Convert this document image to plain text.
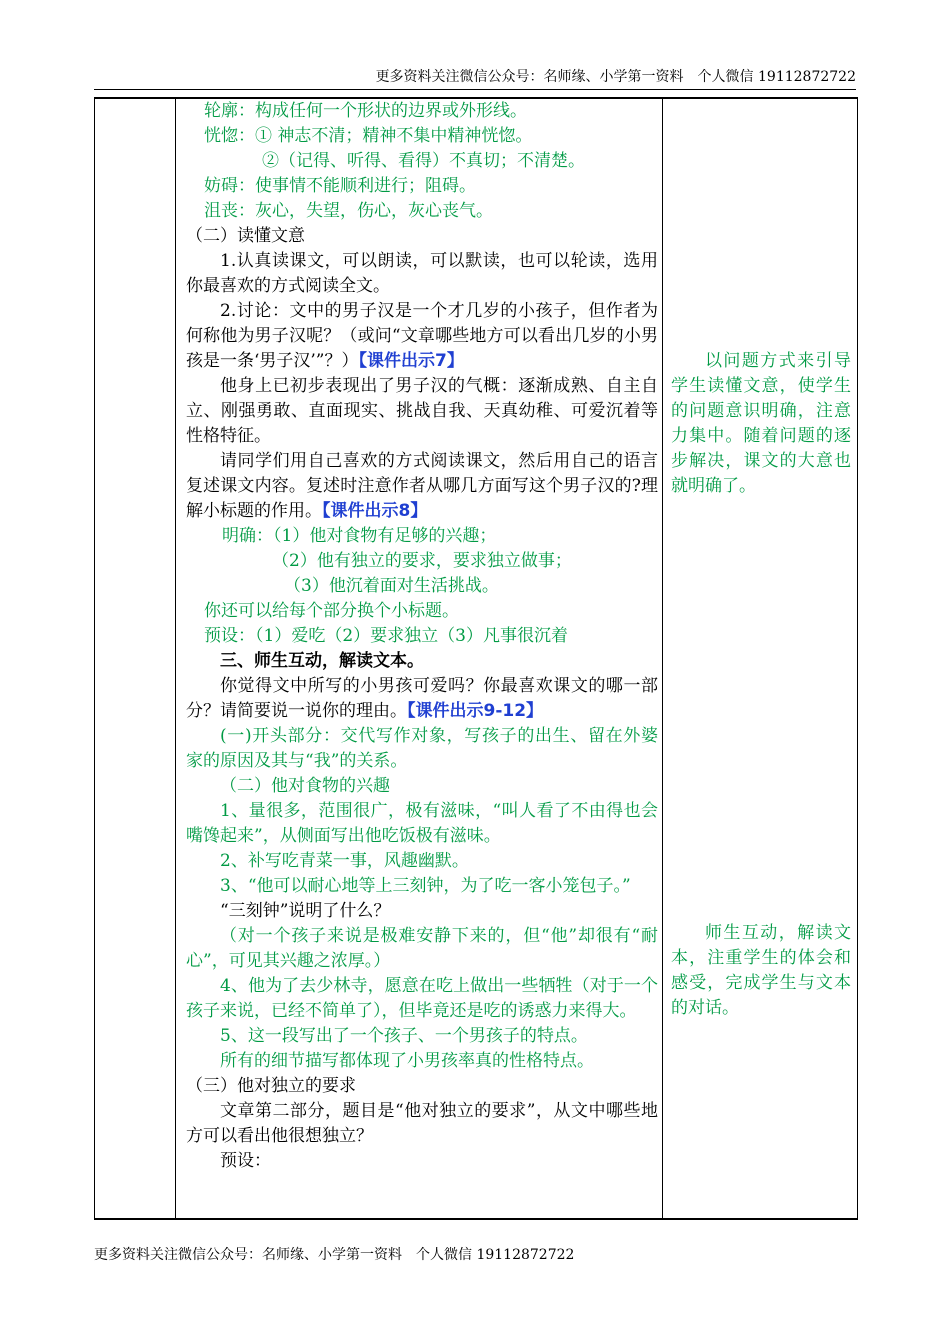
更多资料关注微信公众号：名师缘、小学第一资料　个人微信 19112872722

轮廓：构成任何一个形状的边界或外形线。

恍惚：① 神志不清；精神不集中精神恍惚。

②（记得、听得、看得）不真切；不清楚。

妨碍：使事情不能顺利进行；阻碍。

沮丧：灰心，失望，伤心，灰心丧气。

（二）读懂文意

1.认真读课文，可以朗读，可以默读，也可以轮读，选用你最喜欢的方式阅读全文。

2.讨论：文中的男子汉是一个才几岁的小孩子，但作者为何称他为男子汉呢？（或问“文章哪些地方可以看出几岁的小男孩是一条‘男子汉’”？）【课件出示7】

他身上已初步表现出了男子汉的气概：逐渐成熟、自主自立、刚强勇敢、直面现实、挑战自我、天真幼稚、可爱沉着等性格特征。

请同学们用自己喜欢的方式阅读课文，然后用自己的语言复述课文内容。复述时注意作者从哪几方面写这个男子汉的?理解小标题的作用。【课件出示8】

明确：（1）他对食物有足够的兴趣；

（2）他有独立的要求，要求独立做事；

（3）他沉着面对生活挑战。

你还可以给每个部分换个小标题。

预设：（1）爱吃（2）要求独立（3）凡事很沉着

三、师生互动，解读文本。

你觉得文中所写的小男孩可爱吗？你最喜欢课文的哪一部分？请简要说一说你的理由。【课件出示9-12】

(一)开头部分：交代写作对象，写孩子的出生、留在外婆家的原因及其与“我”的关系。

（二）他对食物的兴趣

1、量很多，范围很广，极有滋味，“叫人看了不由得也会嘴馋起来”，从侧面写出他吃饭极有滋味。

2、补写吃青菜一事，风趣幽默。

3、“他可以耐心地等上三刻钟，为了吃一客小笼包子。”

“三刻钟”说明了什么？

（对一个孩子来说是极难安静下来的，但“他”却很有“耐心”，可见其兴趣之浓厚。）

4、他为了去少林寺，愿意在吃上做出一些牺牲（对于一个孩子来说，已经不简单了），但毕竟还是吃的诱惑力来得大。

5、这一段写出了一个孩子、一个男孩子的特点。

所有的细节描写都体现了小男孩率真的性格特点。

（三）他对独立的要求

文章第二部分，题目是“他对独立的要求”，从文中哪些地方可以看出他很想独立？

预设：

以问题方式来引导学生读懂文意，使学生的问题意识明确，注意力集中。随着问题的逐步解决，课文的大意也就明确了。
师生互动，解读文本，注重学生的体会和感受，完成学生与文本的对话。
更多资料关注微信公众号：名师缘、小学第一资料　个人微信 19112872722
